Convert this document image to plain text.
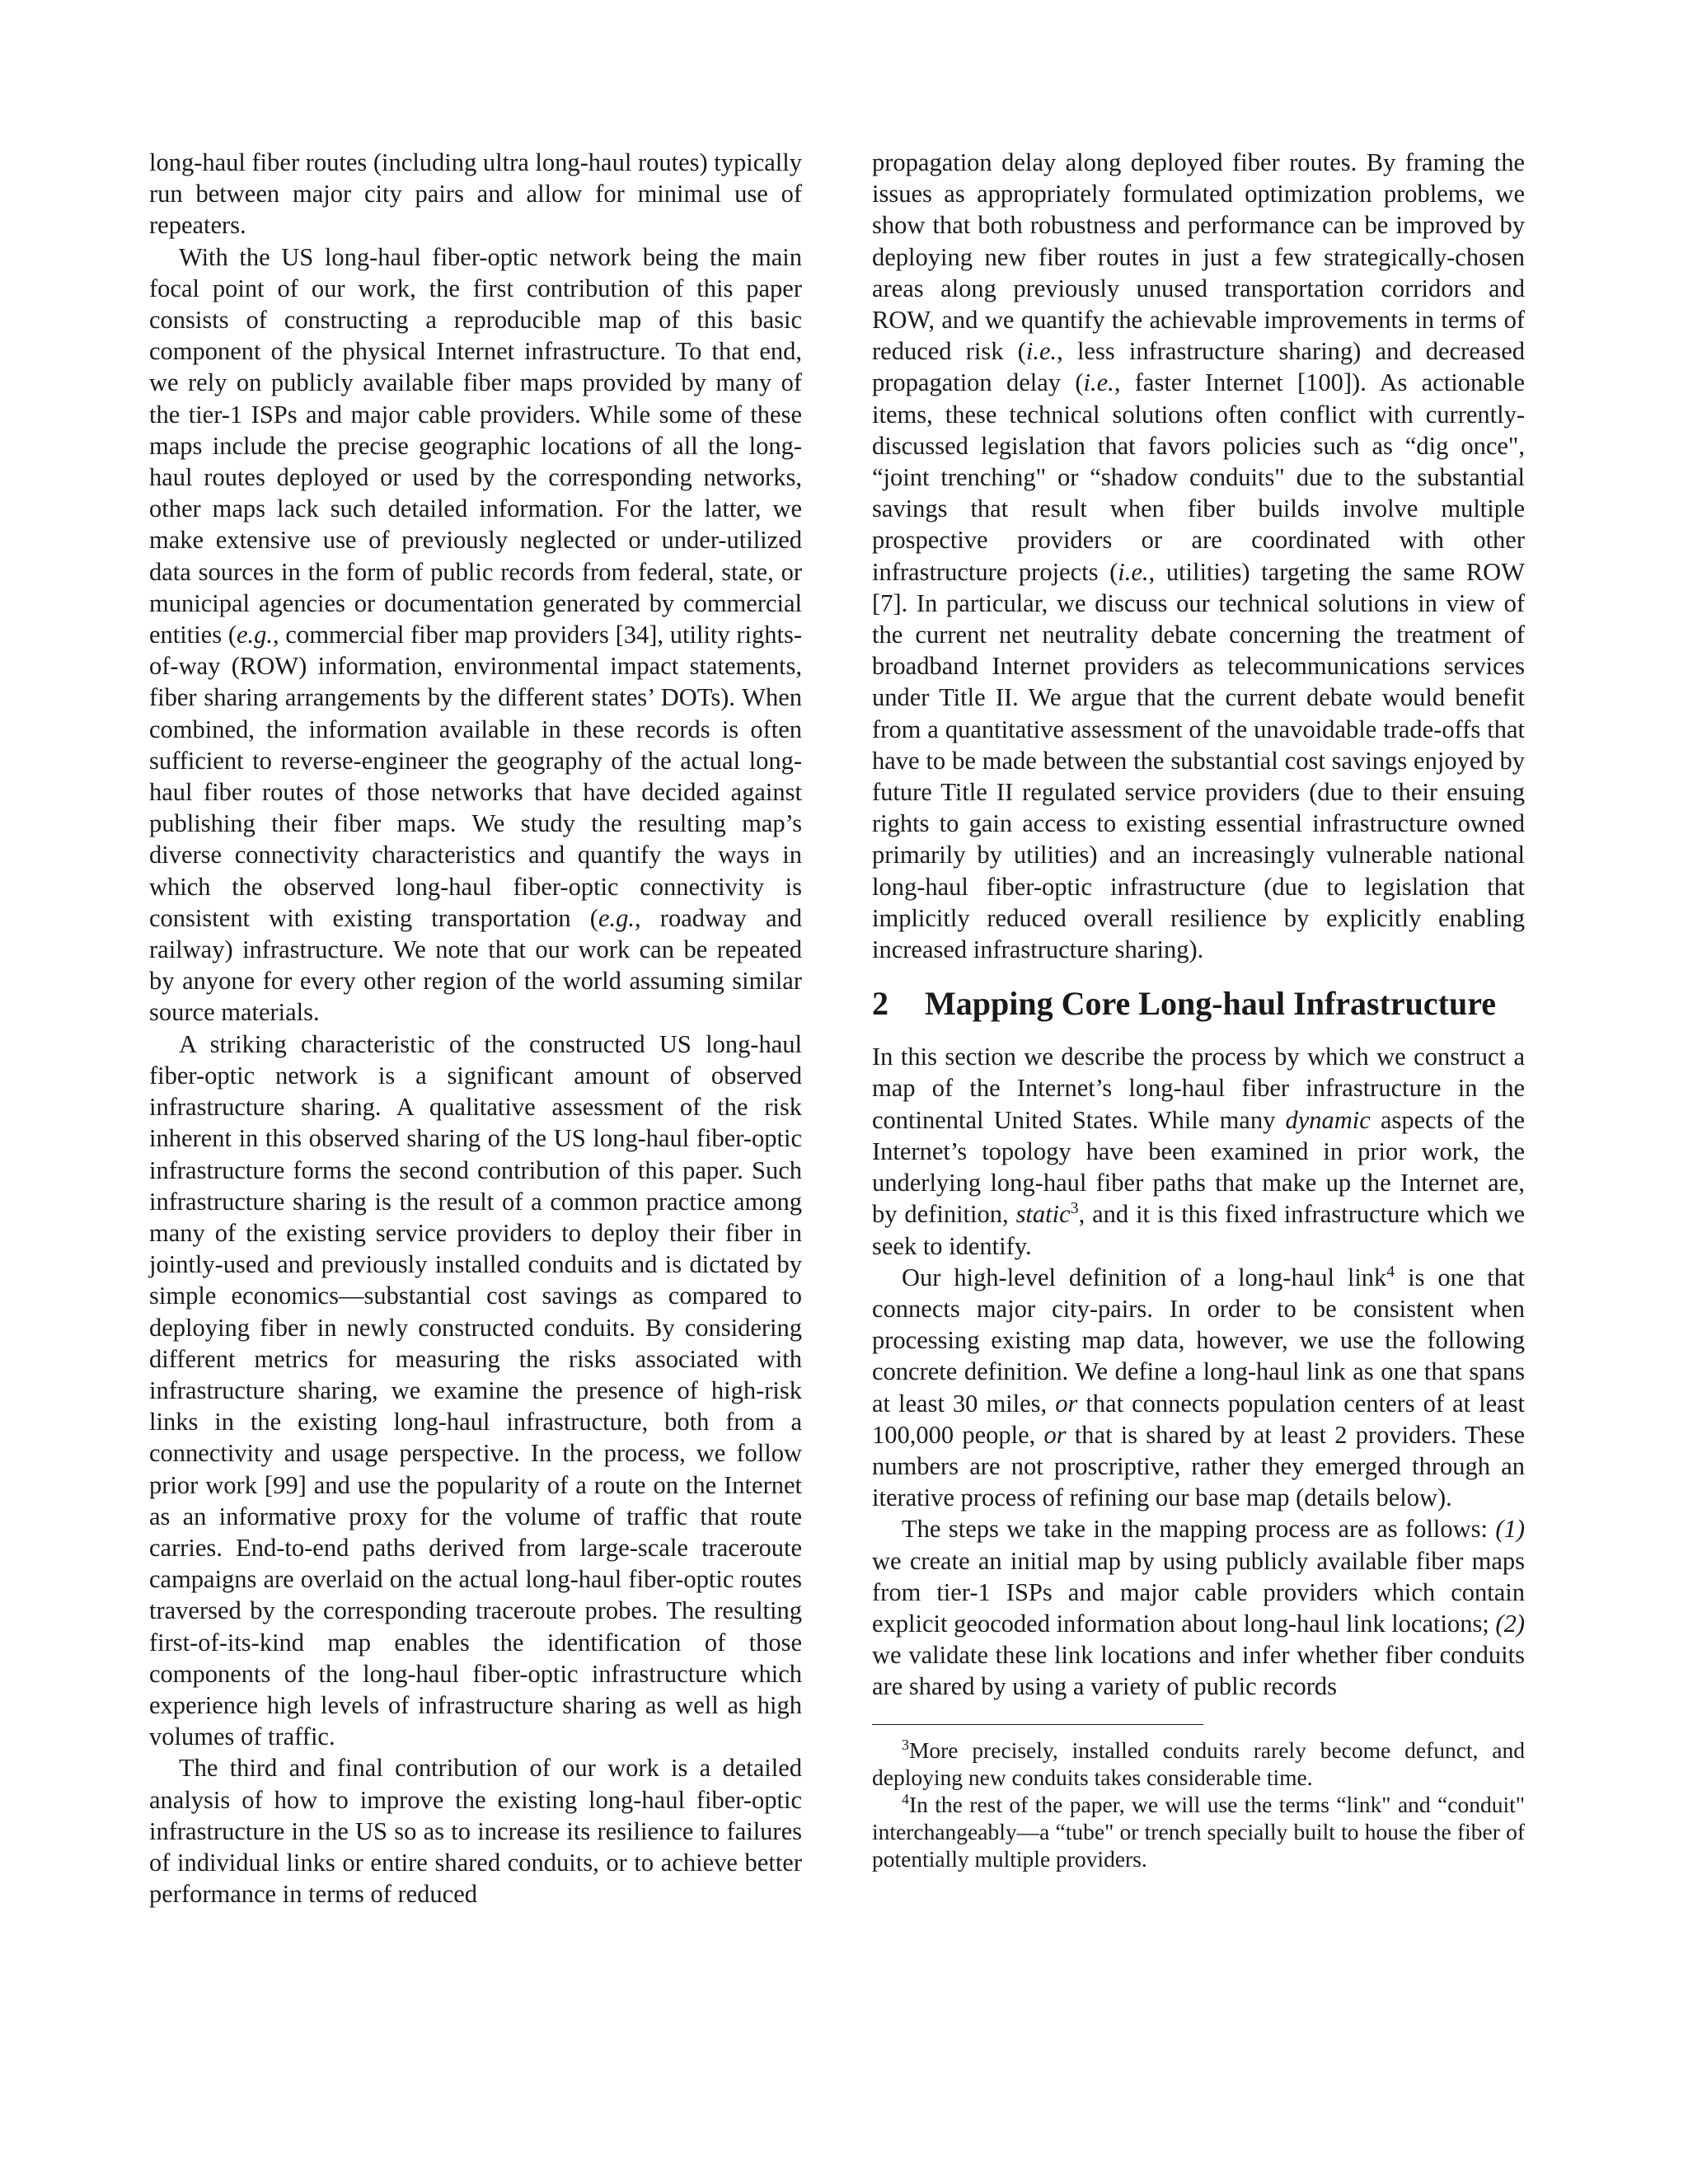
long-haul fiber routes (including ultra long-haul routes) typically run between major city pairs and allow for minimal use of repeaters.

With the US long-haul fiber-optic network being the main focal point of our work, the first contribution of this paper consists of constructing a reproducible map of this basic component of the physical Internet infrastructure. To that end, we rely on publicly available fiber maps provided by many of the tier-1 ISPs and major cable providers. While some of these maps include the precise geographic locations of all the long-haul routes deployed or used by the corresponding networks, other maps lack such detailed information. For the latter, we make extensive use of previously neglected or under-utilized data sources in the form of public records from federal, state, or municipal agencies or documentation generated by commercial entities (e.g., commercial fiber map providers [34], utility rights-of-way (ROW) information, environmental impact statements, fiber sharing arrangements by the different states’ DOTs). When combined, the information available in these records is often sufficient to reverse-engineer the geography of the actual long-haul fiber routes of those networks that have decided against publishing their fiber maps. We study the resulting map’s diverse connectivity characteristics and quantify the ways in which the observed long-haul fiber-optic connectivity is consistent with existing transportation (e.g., roadway and railway) infrastructure. We note that our work can be repeated by anyone for every other region of the world assuming similar source materials.

A striking characteristic of the constructed US long-haul fiber-optic network is a significant amount of observed infrastructure sharing. A qualitative assessment of the risk inherent in this observed sharing of the US long-haul fiber-optic infrastructure forms the second contribution of this paper. Such infrastructure sharing is the result of a common practice among many of the existing service providers to deploy their fiber in jointly-used and previously installed conduits and is dictated by simple economics—substantial cost savings as compared to deploying fiber in newly constructed conduits. By considering different metrics for measuring the risks associated with infrastructure sharing, we examine the presence of high-risk links in the existing long-haul infrastructure, both from a connectivity and usage perspective. In the process, we follow prior work [99] and use the popularity of a route on the Internet as an informative proxy for the volume of traffic that route carries. End-to-end paths derived from large-scale traceroute campaigns are overlaid on the actual long-haul fiber-optic routes traversed by the corresponding traceroute probes. The resulting first-of-its-kind map enables the identification of those components of the long-haul fiber-optic infrastructure which experience high levels of infrastructure sharing as well as high volumes of traffic.

The third and final contribution of our work is a detailed analysis of how to improve the existing long-haul fiber-optic infrastructure in the US so as to increase its resilience to failures of individual links or entire shared conduits, or to achieve better performance in terms of reduced

propagation delay along deployed fiber routes. By framing the issues as appropriately formulated optimization problems, we show that both robustness and performance can be improved by deploying new fiber routes in just a few strategically-chosen areas along previously unused transportation corridors and ROW, and we quantify the achievable improvements in terms of reduced risk (i.e., less infrastructure sharing) and decreased propagation delay (i.e., faster Internet [100]). As actionable items, these technical solutions often conflict with currently-discussed legislation that favors policies such as “dig once", “joint trenching" or “shadow conduits" due to the substantial savings that result when fiber builds involve multiple prospective providers or are coordinated with other infrastructure projects (i.e., utilities) targeting the same ROW [7]. In particular, we discuss our technical solutions in view of the current net neutrality debate concerning the treatment of broadband Internet providers as telecommunications services under Title II. We argue that the current debate would benefit from a quantitative assessment of the unavoidable trade-offs that have to be made between the substantial cost savings enjoyed by future Title II regulated service providers (due to their ensuing rights to gain access to existing essential infrastructure owned primarily by utilities) and an increasingly vulnerable national long-haul fiber-optic infrastructure (due to legislation that implicitly reduced overall resilience by explicitly enabling increased infrastructure sharing).

2	Mapping Core Long-haul Infrastructure

In this section we describe the process by which we construct a map of the Internet’s long-haul fiber infrastructure in the continental United States. While many dynamic aspects of the Internet’s topology have been examined in prior work, the underlying long-haul fiber paths that make up the Internet are, by definition, static$^3$, and it is this fixed infrastructure which we seek to identify.

Our high-level definition of a long-haul link$^4$ is one that connects major city-pairs. In order to be consistent when processing existing map data, however, we use the following concrete definition. We define a long-haul link as one that spans at least 30 miles, or that connects population centers of at least 100,000 people, or that is shared by at least 2 providers. These numbers are not proscriptive, rather they emerged through an iterative process of refining our base map (details below).

The steps we take in the mapping process are as follows: (1) we create an initial map by using publicly available fiber maps from tier-1 ISPs and major cable providers which contain explicit geocoded information about long-haul link locations; (2) we validate these link locations and infer whether fiber conduits are shared by using a variety of public records

$^3$More precisely, installed conduits rarely become defunct, and deploying new conduits takes considerable time.

$^4$In the rest of the paper, we will use the terms “link" and “conduit" interchangeably—a “tube" or trench specially built to house the fiber of potentially multiple providers.
